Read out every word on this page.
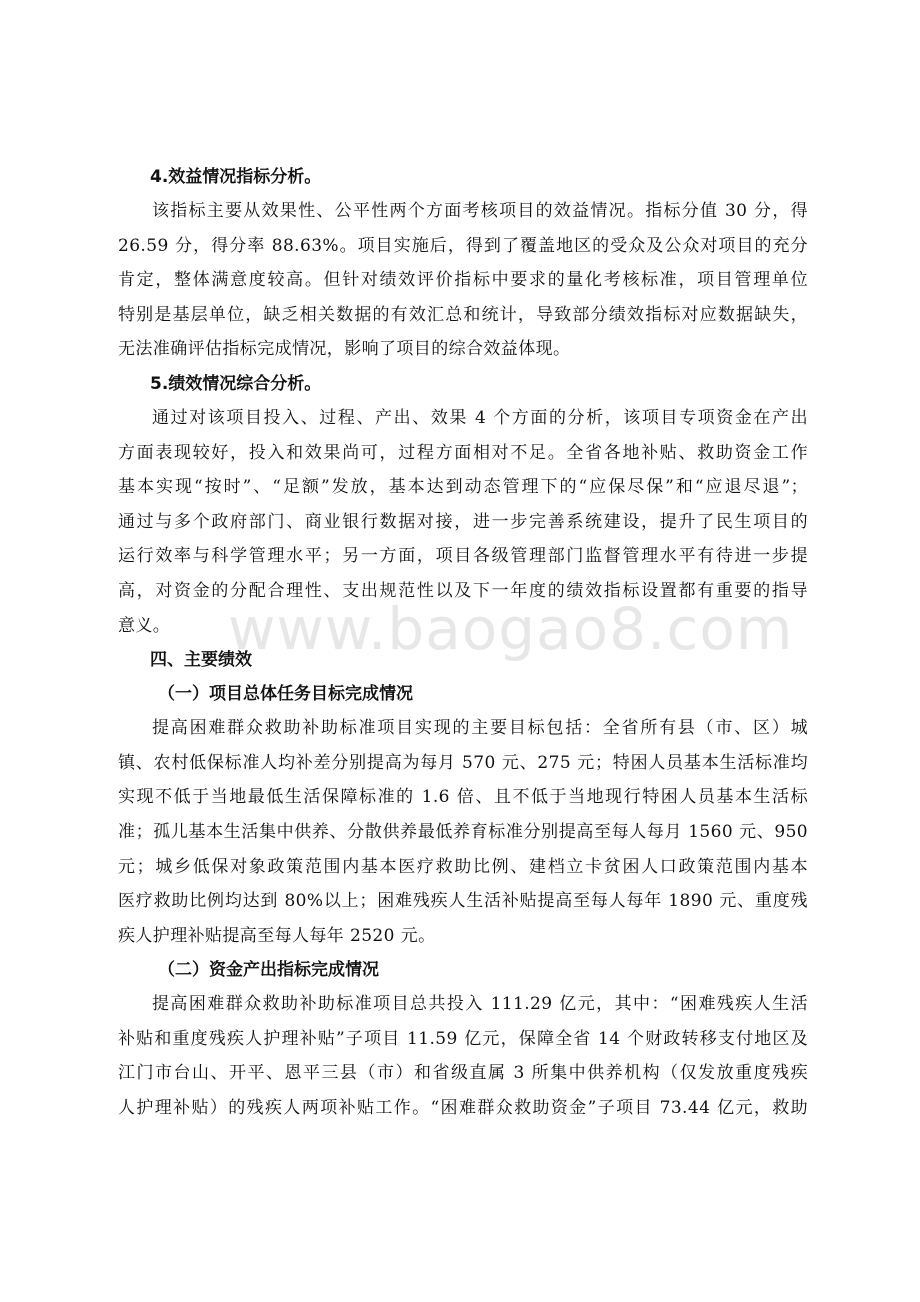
www.baogao8.com
4.效益情况指标分析。

该指标主要从效果性、公平性两个方面考核项目的效益情况。指标分值 30 分，得
26.59 分，得分率 88.63%。项目实施后，得到了覆盖地区的受众及公众对项目的充分
肯定，整体满意度较高。但针对绩效评价指标中要求的量化考核标准，项目管理单位
特别是基层单位，缺乏相关数据的有效汇总和统计，导致部分绩效指标对应数据缺失，
无法准确评估指标完成情况，影响了项目的综合效益体现。

5.绩效情况综合分析。

通过对该项目投入、过程、产出、效果 4 个方面的分析，该项目专项资金在产出
方面表现较好，投入和效果尚可，过程方面相对不足。全省各地补贴、救助资金工作
基本实现“按时”、“足额”发放，基本达到动态管理下的“应保尽保”和“应退尽退”；
通过与多个政府部门、商业银行数据对接，进一步完善系统建设，提升了民生项目的
运行效率与科学管理水平；另一方面，项目各级管理部门监督管理水平有待进一步提
高，对资金的分配合理性、支出规范性以及下一年度的绩效指标设置都有重要的指导
意义。

四、主要绩效
（一）项目总体任务目标完成情况

提高困难群众救助补助标准项目实现的主要目标包括：全省所有县（市、区）城
镇、农村低保标准人均补差分别提高为每月 570 元、275 元；特困人员基本生活标准均
实现不低于当地最低生活保障标准的 1.6 倍、且不低于当地现行特困人员基本生活标
准；孤儿基本生活集中供养、分散供养最低养育标准分别提高至每人每月 1560 元、950
元；城乡低保对象政策范围内基本医疗救助比例、建档立卡贫困人口政策范围内基本
医疗救助比例均达到 80%以上；困难残疾人生活补贴提高至每人每年 1890 元、重度残
疾人护理补贴提高至每人每年 2520 元。

（二）资金产出指标完成情况

提高困难群众救助补助标准项目总共投入 111.29 亿元，其中：“困难残疾人生活
补贴和重度残疾人护理补贴”子项目 11.59 亿元，保障全省 14 个财政转移支付地区及
江门市台山、开平、恩平三县（市）和省级直属 3 所集中供养机构（仅发放重度残疾
人护理补贴）的残疾人两项补贴工作。“困难群众救助资金”子项目 73.44 亿元，救助
